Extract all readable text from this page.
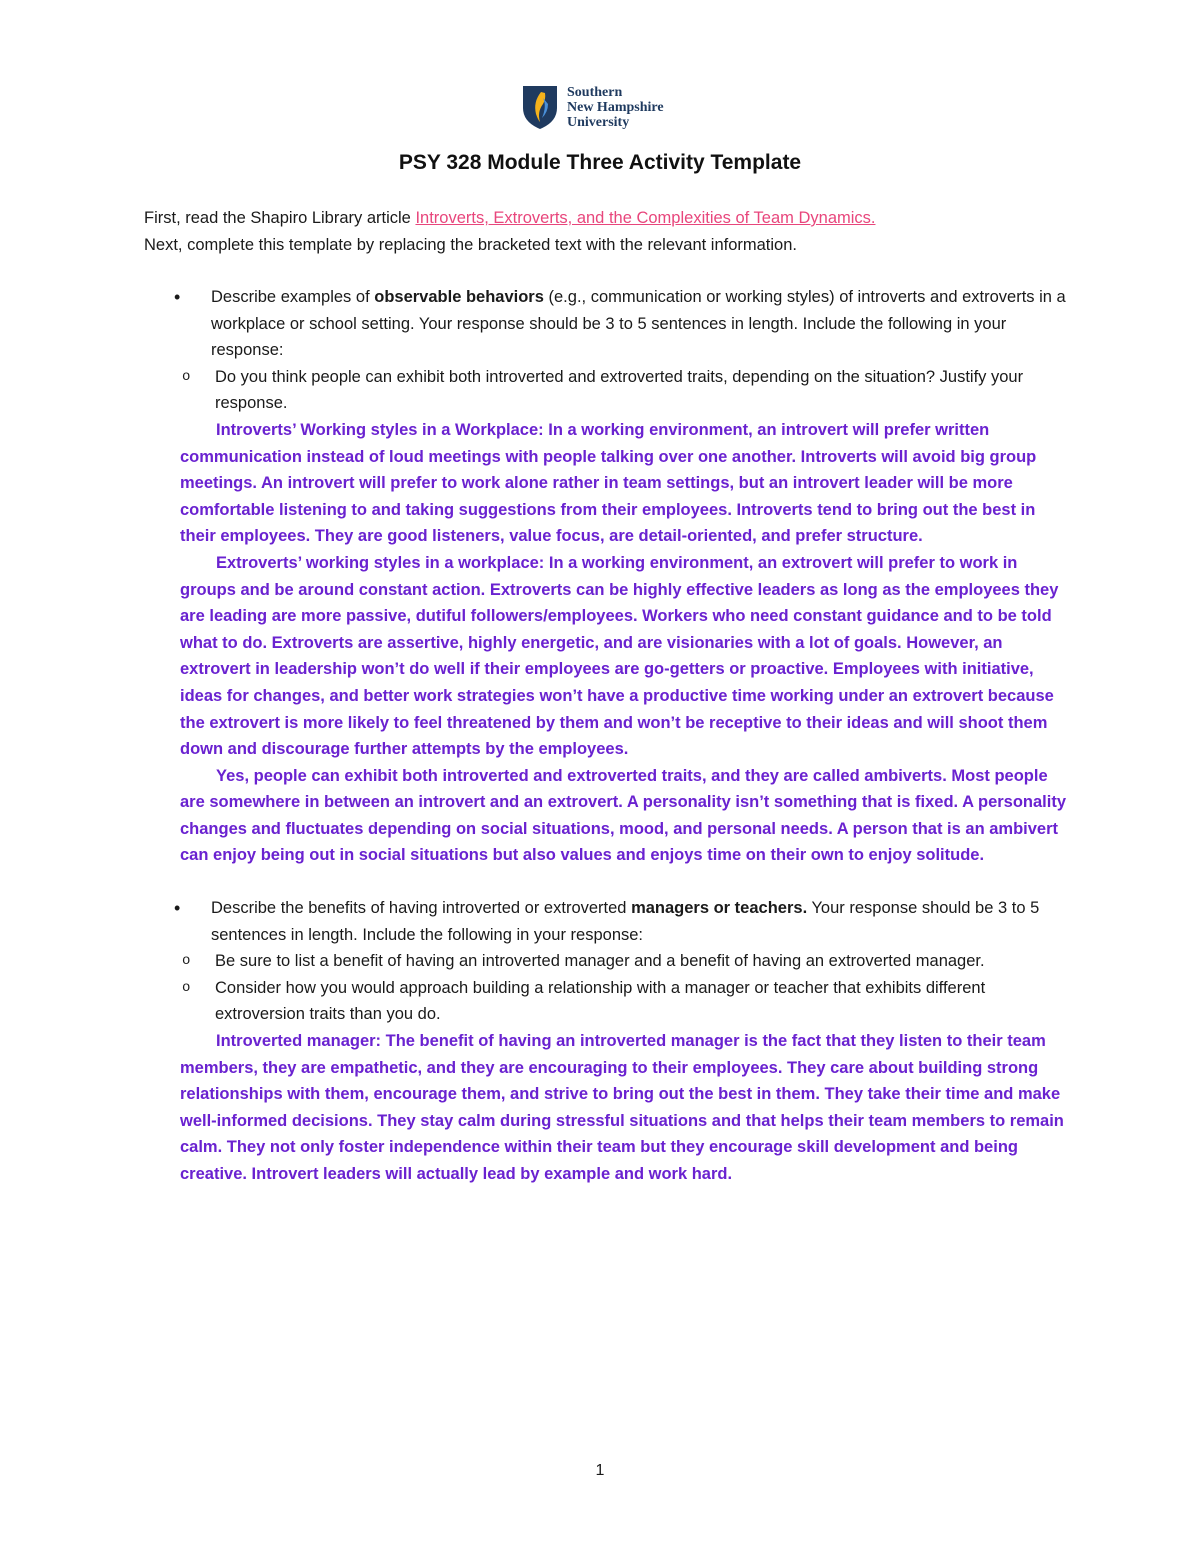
Southern
New Hampshire
University
PSY 328 Module Three Activity Template
First, read the Shapiro Library article Introverts, Extroverts, and the Complexities of Team Dynamics.
Next, complete this template by replacing the bracketed text with the relevant information.
• Describe examples of observable behaviors (e.g., communication or working styles) of introverts and extroverts in a workplace or school setting. Your response should be 3 to 5 sentences in length. Include the following in your response:
o Do you think people can exhibit both introverted and extroverted traits, depending on the situation? Justify your response.

Introverts’ Working styles in a Workplace: In a working environment, an introvert will prefer written communication instead of loud meetings with people talking over one another. Introverts will avoid big group meetings. An introvert will prefer to work alone rather in team settings, but an introvert leader will be more comfortable listening to and taking suggestions from their employees. Introverts tend to bring out the best in their employees. They are good listeners, value focus, are detail-oriented, and prefer structure.

Extroverts’ working styles in a workplace: In a working environment, an extrovert will prefer to work in groups and be around constant action. Extroverts can be highly effective leaders as long as the employees they are leading are more passive, dutiful followers/employees. Workers who need constant guidance and to be told what to do. Extroverts are assertive, highly energetic, and are visionaries with a lot of goals. However, an extrovert in leadership won’t do well if their employees are go-getters or proactive. Employees with initiative, ideas for changes, and better work strategies won’t have a productive time working under an extrovert because the extrovert is more likely to feel threatened by them and won’t be receptive to their ideas and will shoot them down and discourage further attempts by the employees.

Yes, people can exhibit both introverted and extroverted traits, and they are called ambiverts. Most people are somewhere in between an introvert and an extrovert. A personality isn’t something that is fixed. A personality changes and fluctuates depending on social situations, mood, and personal needs. A person that is an ambivert can enjoy being out in social situations but also values and enjoys time on their own to enjoy solitude.

• Describe the benefits of having introverted or extroverted managers or teachers. Your response should be 3 to 5 sentences in length. Include the following in your response:
o Be sure to list a benefit of having an introverted manager and a benefit of having an extroverted manager.
o Consider how you would approach building a relationship with a manager or teacher that exhibits different extroversion traits than you do.

Introverted manager: The benefit of having an introverted manager is the fact that they listen to their team members, they are empathetic, and they are encouraging to their employees. They care about building strong relationships with them, encourage them, and strive to bring out the best in them. They take their time and make well-informed decisions. They stay calm during stressful situations and that helps their team members to remain calm. They not only foster independence within their team but they encourage skill development and being creative. Introvert leaders will actually lead by example and work hard.

1
